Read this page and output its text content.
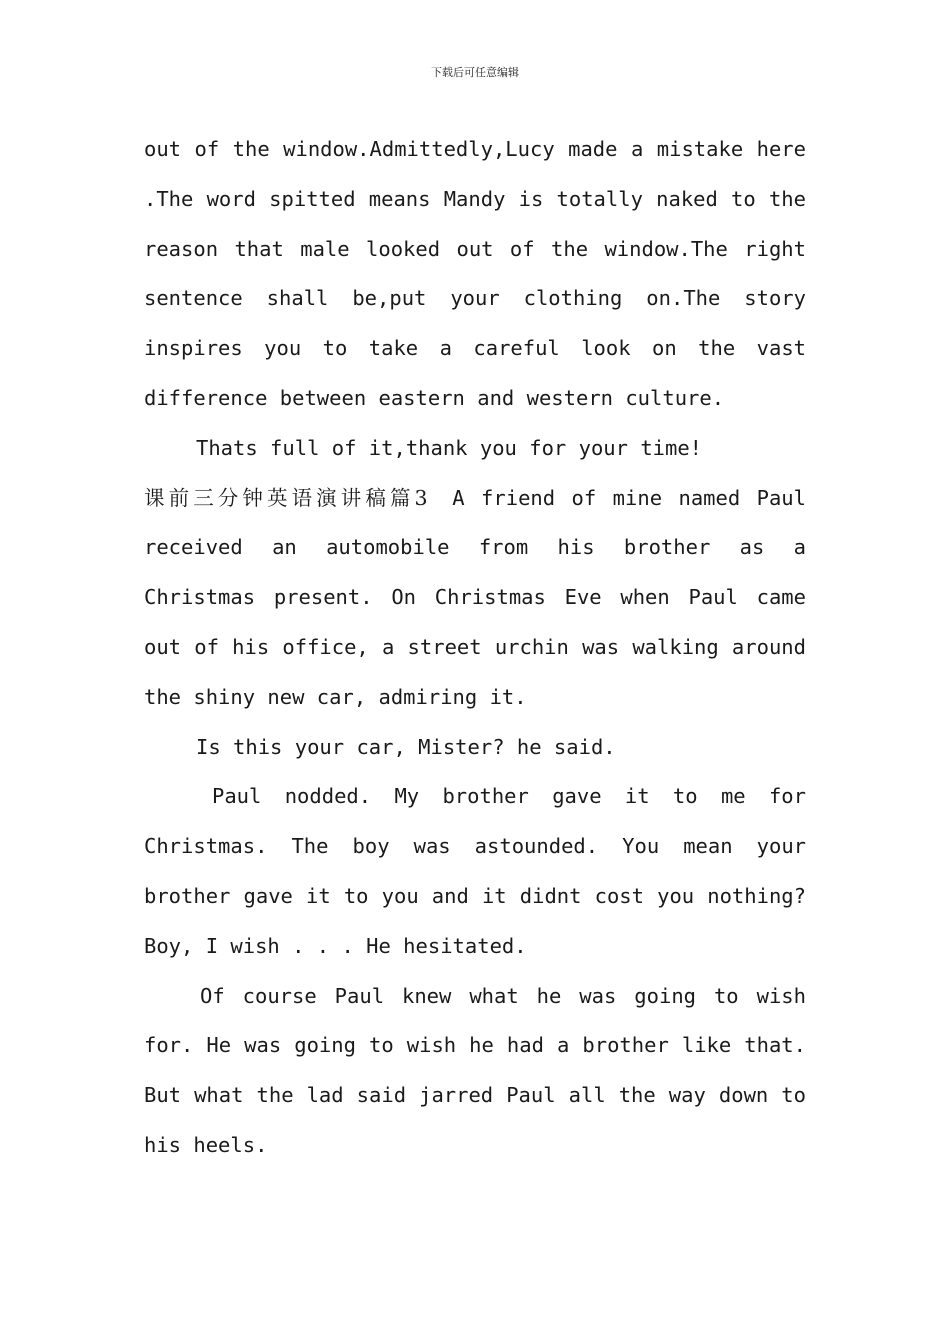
下载后可任意编辑

out of the window.Admittedly,Lucy made a mistake here .The word spitted means Mandy is totally naked to the reason that male looked out of the window.The right sentence shall be,put your clothing on.The story inspires you to take a careful look on the vast difference between eastern and western culture.

Thats full of it,thank you for your time!

课前三分钟英语演讲稿篇3   A friend of mine named Paul received an automobile from his brother as a Christmas present. On Christmas Eve when Paul came out of his office, a street urchin was walking around the shiny new car, admiring it.

Is this your car, Mister? he said.

Paul nodded. My brother gave it to me for Christmas. The boy was astounded. You mean your brother gave it to you and it didnt cost you nothing? Boy, I wish . . . He hesitated.

Of course Paul knew what he was going to wish for. He was going to wish he had a brother like that. But what the lad said jarred Paul all the way down to his heels.
